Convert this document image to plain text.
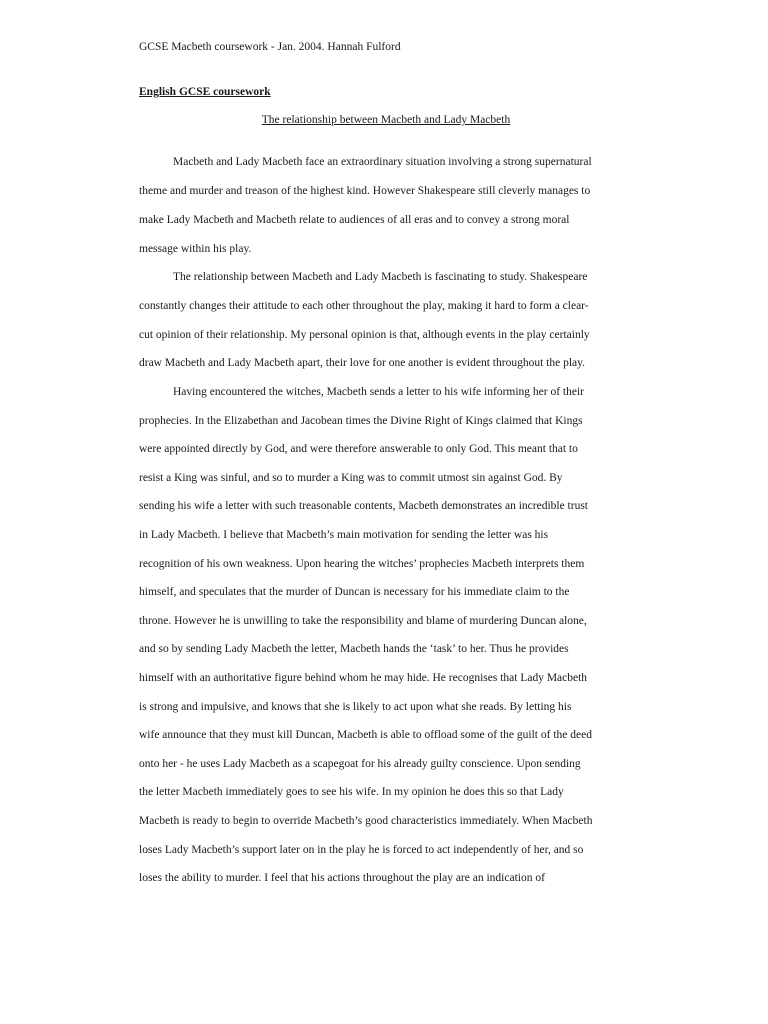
GCSE Macbeth coursework - Jan. 2004. Hannah Fulford
English GCSE coursework
The relationship between Macbeth and Lady Macbeth
Macbeth and Lady Macbeth face an extraordinary situation involving a strong supernatural
theme and murder and treason of the highest kind. However Shakespeare still cleverly manages to
make Lady Macbeth and Macbeth relate to audiences of all eras and to convey a strong moral
message within his play.
The relationship between Macbeth and Lady Macbeth is fascinating to study. Shakespeare
constantly changes their attitude to each other throughout the play, making it hard to form a clear-
cut opinion of their relationship. My personal opinion is that, although events in the play certainly
draw Macbeth and Lady Macbeth apart, their love for one another is evident throughout the play.
Having encountered the witches, Macbeth sends a letter to his wife informing her of their
prophecies. In the Elizabethan and Jacobean times the Divine Right of Kings claimed that Kings
were appointed directly by God, and were therefore answerable to only God. This meant that to
resist a King was sinful, and so to murder a King was to commit utmost sin against God. By
sending his wife a letter with such treasonable contents, Macbeth demonstrates an incredible trust
in Lady Macbeth. I believe that Macbeth’s main motivation for sending the letter was his
recognition of his own weakness. Upon hearing the witches’ prophecies Macbeth interprets them
himself, and speculates that the murder of Duncan is necessary for his immediate claim to the
throne. However he is unwilling to take the responsibility and blame of murdering Duncan alone,
and so by sending Lady Macbeth the letter, Macbeth hands the ‘task’ to her. Thus he provides
himself with an authoritative figure behind whom he may hide. He recognises that Lady Macbeth
is strong and impulsive, and knows that she is likely to act upon what she reads. By letting his
wife announce that they must kill Duncan, Macbeth is able to offload some of the guilt of the deed
onto her - he uses Lady Macbeth as a scapegoat for his already guilty conscience. Upon sending
the letter Macbeth immediately goes to see his wife. In my opinion he does this so that Lady
Macbeth is ready to begin to override Macbeth’s good characteristics immediately. When Macbeth
loses Lady Macbeth’s support later on in the play he is forced to act independently of her, and so
loses the ability to murder. I feel that his actions throughout the play are an indication of
